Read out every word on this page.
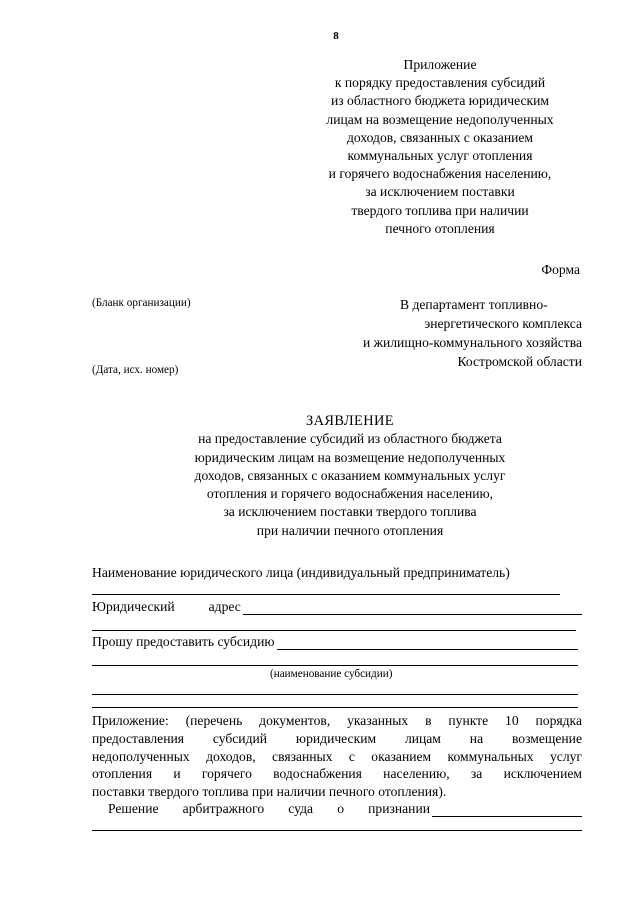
8
Приложение
к порядку предоставления субсидий
из областного бюджета юридическим
лицам на возмещение недополученных
доходов, связанных с оказанием
коммунальных услуг отопления
и горячего водоснабжения населению,
за исключением поставки
твердого топлива при наличии
печного отопления
Форма
(Бланк организации)	В департамент топливно-
энергетического комплекса
и жилищно-коммунального хозяйства
Костромской области
(Дата, исх. номер)
ЗАЯВЛЕНИЕ
на предоставление субсидий из областного бюджета
юридическим лицам на возмещение недополученных
доходов, связанных с оказанием коммунальных услуг
отопления и горячего водоснабжения населению,
за исключением поставки твердого топлива
при наличии печного отопления
Наименование юридического лица (индивидуальный предприниматель)
Юридический	адрес
Прошу предоставить субсидию
(наименование субсидии)
Приложение: (перечень документов, указанных в пункте 10 порядка
предоставления субсидий юридическим лицам на возмещение
недополученных доходов, связанных с оказанием коммунальных услуг
отопления и горячего водоснабжения населению, за исключением
поставки твердого топлива при наличии печного отопления).
Решение арбитражного суда о признании
